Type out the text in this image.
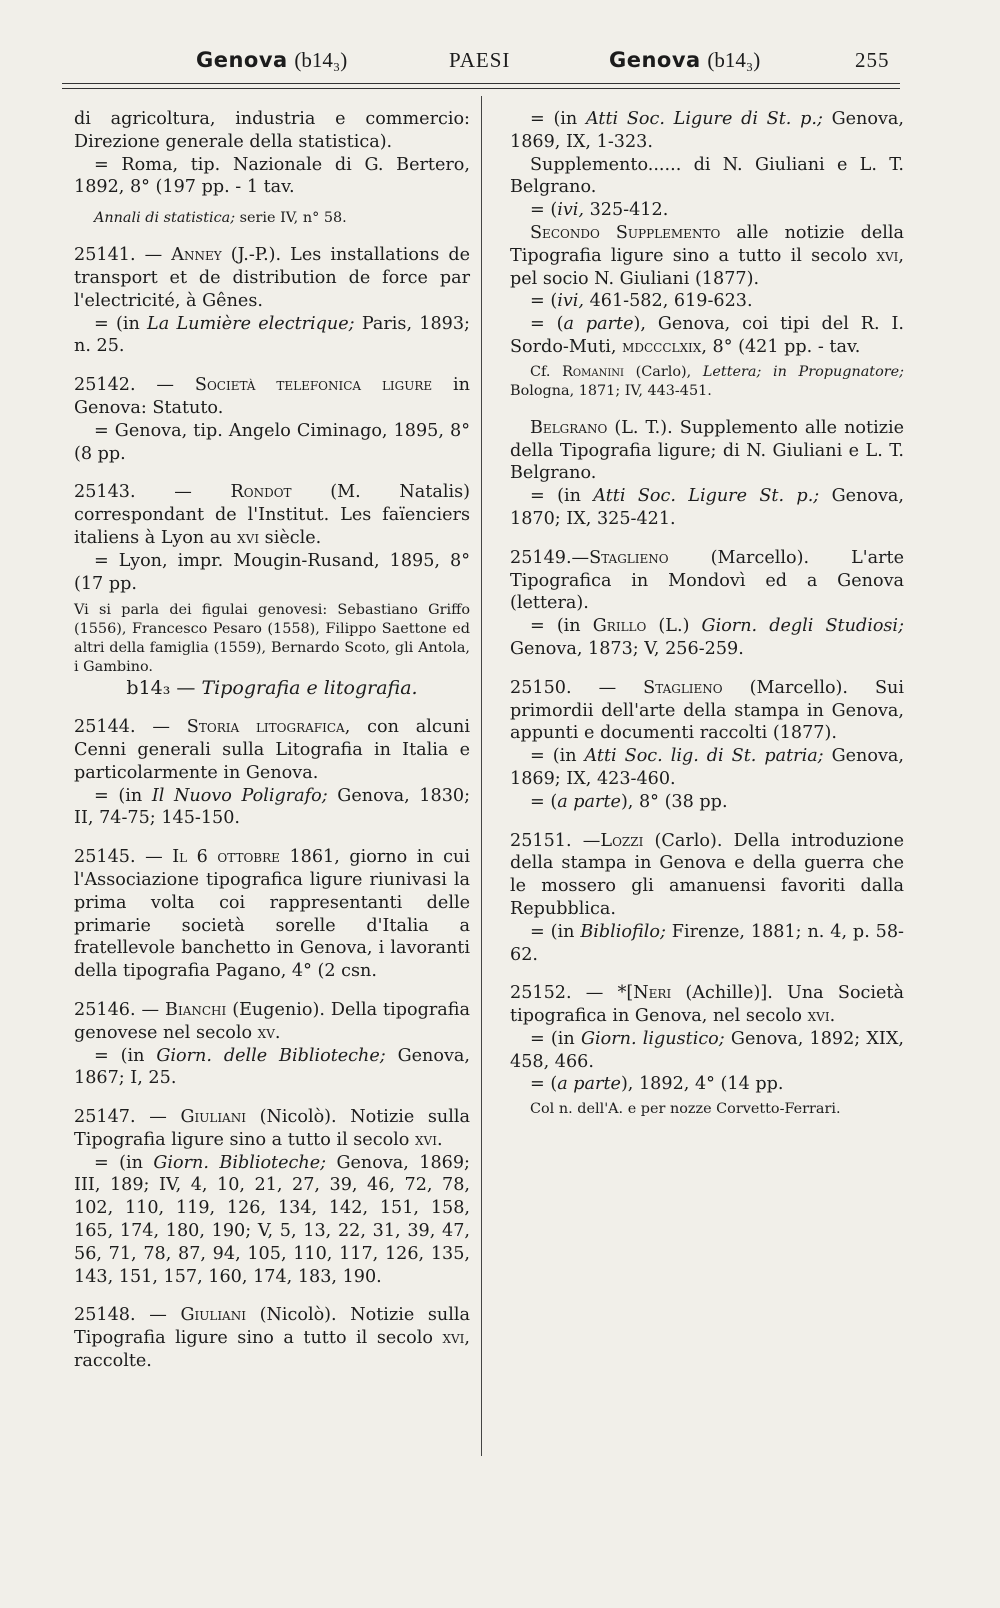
Genova (b14₃)	PAESI	Genova (b14₃)	255

di agricoltura, industria e commercio: Direzione generale della statistica).

= Roma, tip. Nazionale di G. Bertero, 1892, 8° (197 pp. - 1 tav.

Annali di statistica; serie IV, n° 58.

25141. — Anney (J.-P.). Les installations de transport et de distribution de force par l'electricité, à Gênes.

= (in La Lumière electrique; Paris, 1893; n. 25.

25142. — Società telefonica ligure in Genova: Statuto.

= Genova, tip. Angelo Ciminago, 1895, 8° (8 pp.

25143. — Rondot (M. Natalis) correspondant de l'Institut. Les faïenciers italiens à Lyon au xvi siècle.

= Lyon, impr. Mougin-Rusand, 1895, 8° (17 pp.

Vi si parla dei figulai genovesi: Sebastiano Griffo (1556), Francesco Pesaro (1558), Filippo Saettone ed altri della famiglia (1559), Bernardo Scoto, gli Antola, i Gambino.

b14₃ — Tipografia e litografia.

25144. — Storia litografica, con alcuni Cenni generali sulla Litografia in Italia e particolarmente in Genova.

= (in Il Nuovo Poligrafo; Genova, 1830; II, 74-75; 145-150.

25145. — Il 6 ottobre 1861, giorno in cui l'Associazione tipografica ligure riunivasi la prima volta coi rappresentanti delle primarie società sorelle d'Italia a fratellevole banchetto in Genova, i lavoranti della tipografia Pagano, 4° (2 csn.

25146. — Bianchi (Eugenio). Della tipografia genovese nel secolo xv.

= (in Giorn. delle Biblioteche; Genova, 1867; I, 25.

25147. — Giuliani (Nicolò). Notizie sulla Tipografia ligure sino a tutto il secolo xvi.

= (in Giorn. Biblioteche; Genova, 1869; III, 189; IV, 4, 10, 21, 27, 39, 46, 72, 78, 102, 110, 119, 126, 134, 142, 151, 158, 165, 174, 180, 190; V, 5, 13, 22, 31, 39, 47, 56, 71, 78, 87, 94, 105, 110, 117, 126, 135, 143, 151, 157, 160, 174, 183, 190.

25148. — Giuliani (Nicolò). Notizie sulla Tipografia ligure sino a tutto il secolo xvi, raccolte.

= (in Atti Soc. Ligure di St. p.; Genova, 1869, IX, 1-323.

Supplemento...... di N. Giuliani e L. T. Belgrano.

= (ivi, 325-412.

Secondo Supplemento alle notizie della Tipografia ligure sino a tutto il secolo xvi, pel socio N. Giuliani (1877).

= (ivi, 461-582, 619-623.

= (a parte), Genova, coi tipi del R. I. Sordo-Muti, mdccclxix, 8° (421 pp. - tav.

Cf. Romanini (Carlo), Lettera; in Propugnatore; Bologna, 1871; IV, 443-451.

Belgrano (L. T.). Supplemento alle notizie della Tipografia ligure; di N. Giuliani e L. T. Belgrano.

= (in Atti Soc. Ligure St. p.; Genova, 1870; IX, 325-421.

25149.—Staglieno (Marcello). L'arte Tipografica in Mondovì ed a Genova (lettera).

= (in Grillo (L.) Giorn. degli Studiosi; Genova, 1873; V, 256-259.

25150. — Staglieno (Marcello). Sui primordii dell'arte della stampa in Genova, appunti e documenti raccolti (1877).

= (in Atti Soc. lig. di St. patria; Genova, 1869; IX, 423-460.

= (a parte), 8° (38 pp.

25151. —Lozzi (Carlo). Della introduzione della stampa in Genova e della guerra che le mossero gli amanuensi favoriti dalla Repubblica.

= (in Bibliofilo; Firenze, 1881; n. 4, p. 58-62.

25152. — *[Neri (Achille)]. Una Società tipografica in Genova, nel secolo xvi.

= (in Giorn. ligustico; Genova, 1892; XIX, 458, 466.

= (a parte), 1892, 4° (14 pp.

Col n. dell'A. e per nozze Corvetto-Ferrari.
